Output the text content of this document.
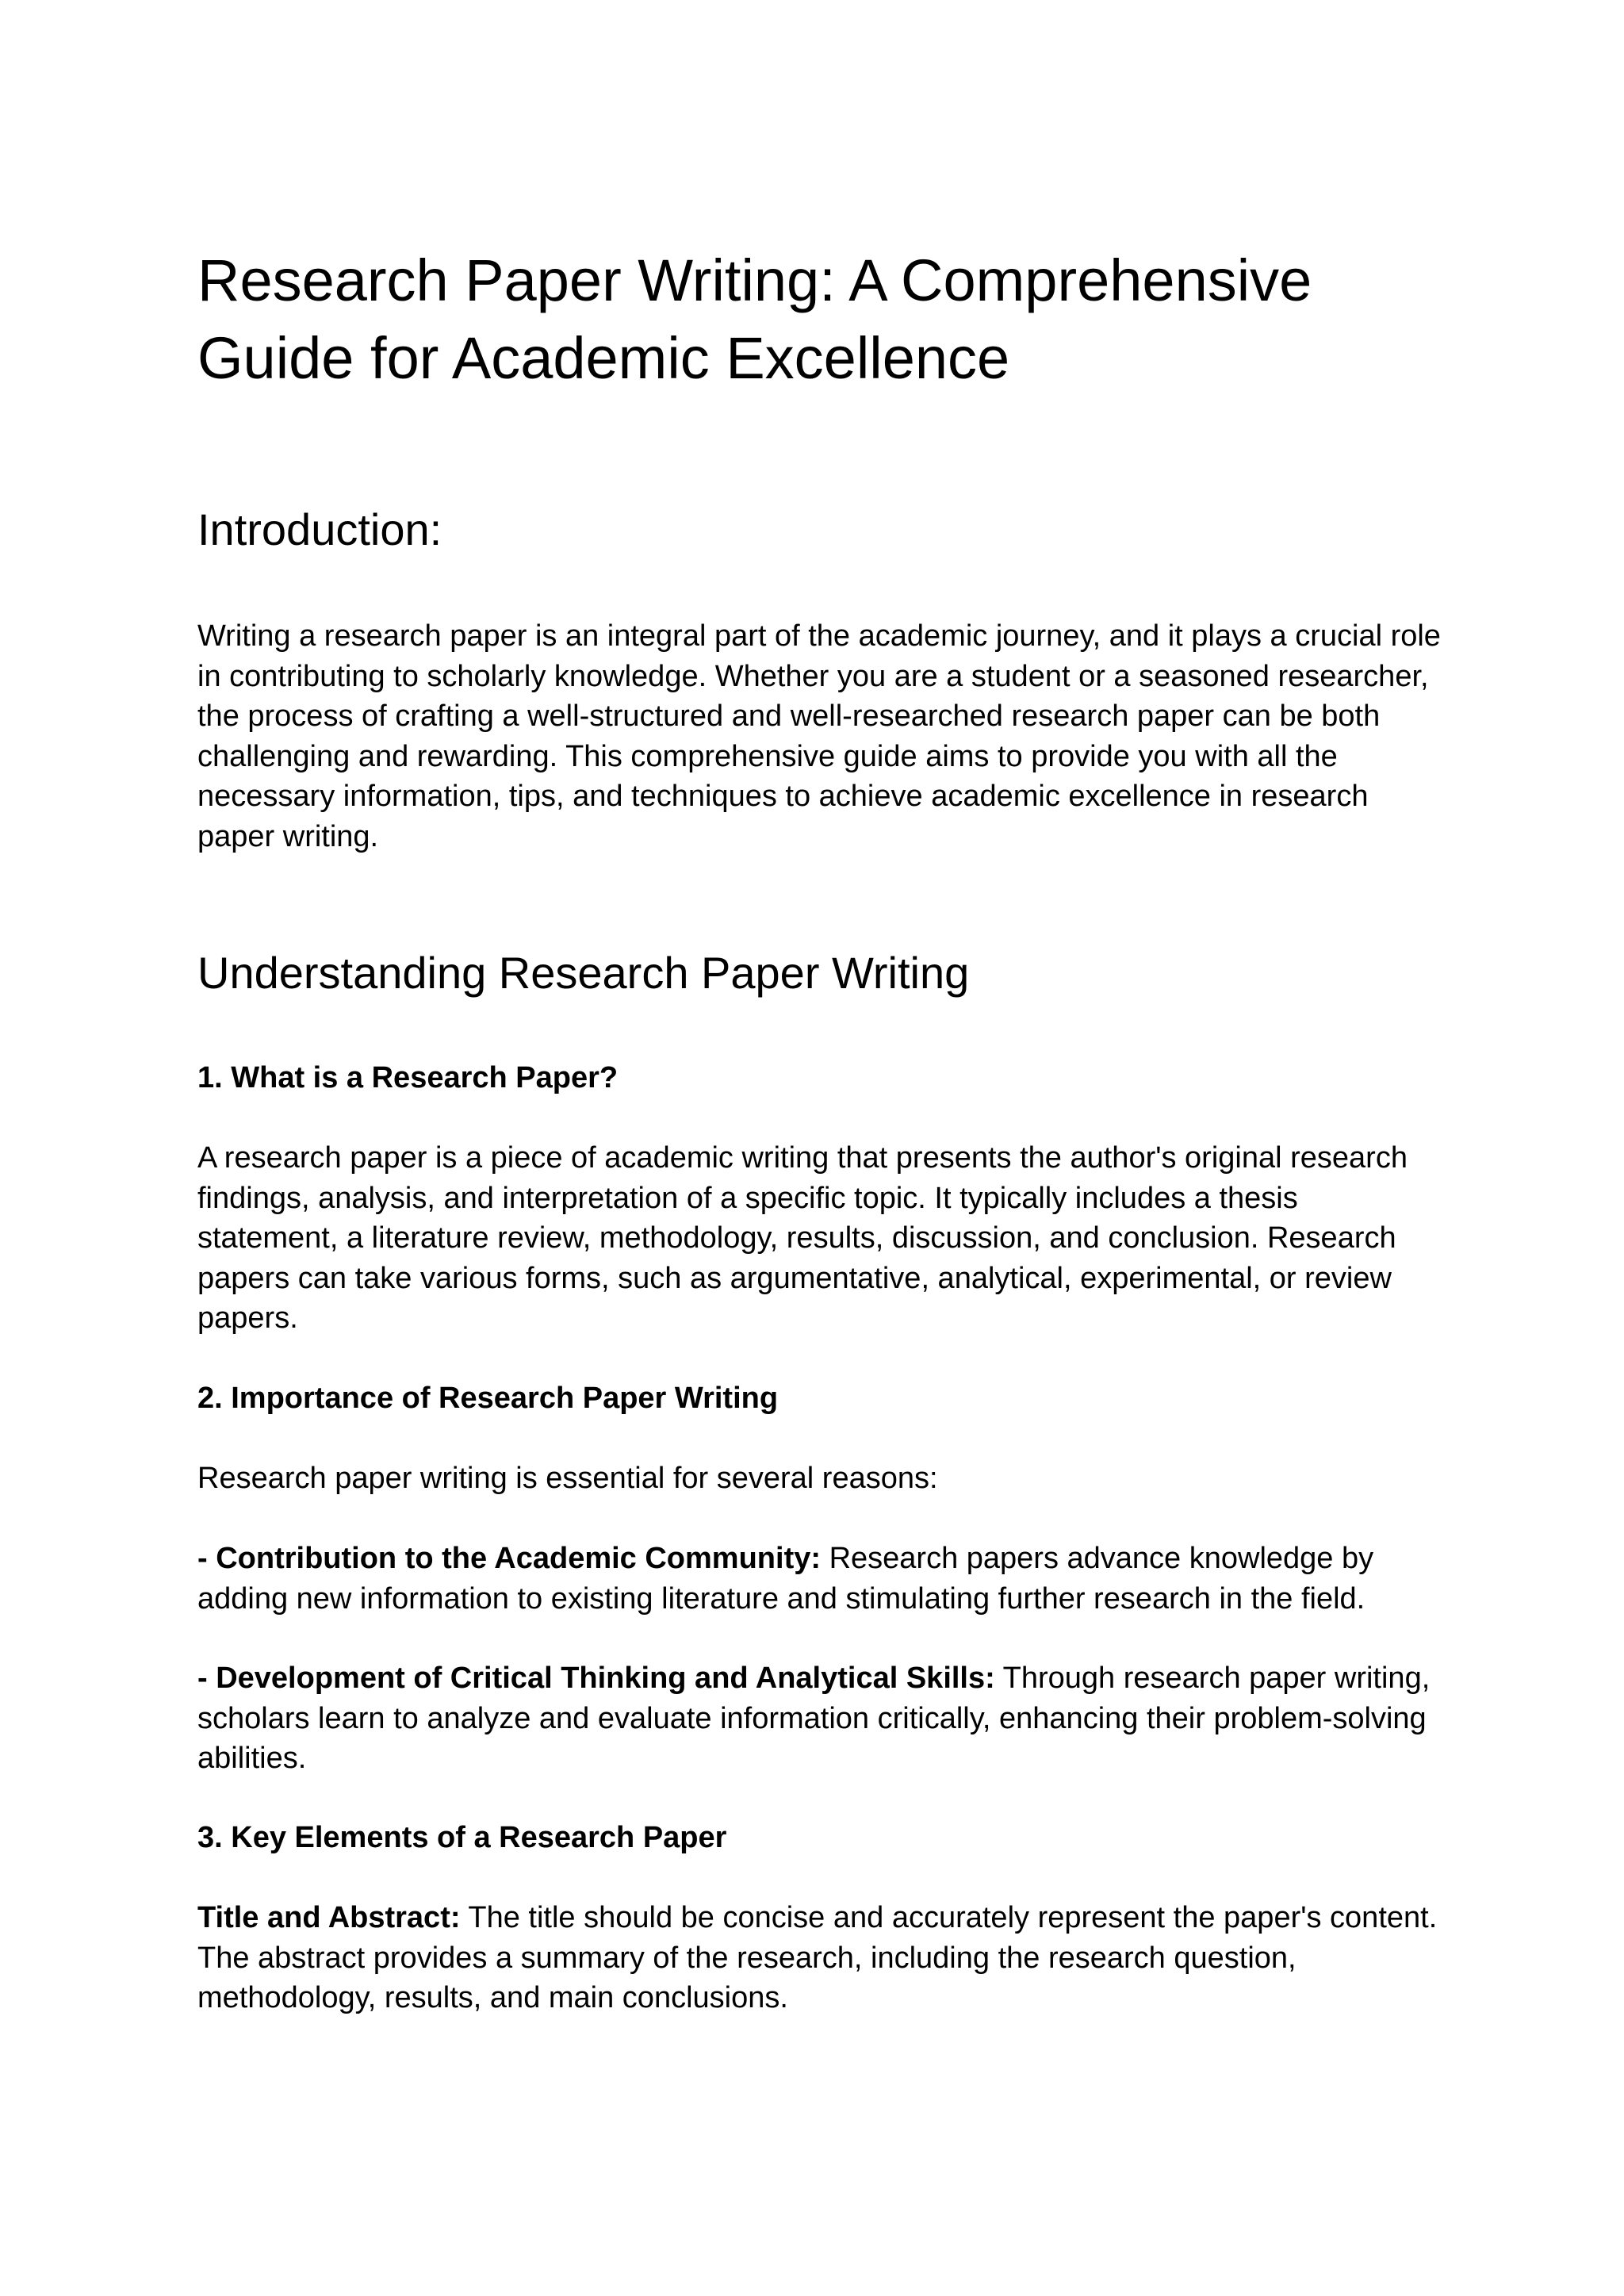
Research Paper Writing: A Comprehensive Guide for Academic Excellence
Introduction:

Writing a research paper is an integral part of the academic journey, and it plays a crucial role in contributing to scholarly knowledge. Whether you are a student or a seasoned researcher, the process of crafting a well-structured and well-researched research paper can be both challenging and rewarding. This comprehensive guide aims to provide you with all the necessary information, tips, and techniques to achieve academic excellence in research paper writing.

Understanding Research Paper Writing
1. What is a Research Paper?

A research paper is a piece of academic writing that presents the author's original research findings, analysis, and interpretation of a specific topic. It typically includes a thesis statement, a literature review, methodology, results, discussion, and conclusion. Research papers can take various forms, such as argumentative, analytical, experimental, or review papers.

2. Importance of Research Paper Writing

Research paper writing is essential for several reasons:

- Contribution to the Academic Community: Research papers advance knowledge by adding new information to existing literature and stimulating further research in the field.

- Development of Critical Thinking and Analytical Skills: Through research paper writing, scholars learn to analyze and evaluate information critically, enhancing their problem-solving abilities.

3. Key Elements of a Research Paper

Title and Abstract: The title should be concise and accurately represent the paper's content. The abstract provides a summary of the research, including the research question, methodology, results, and main conclusions.
